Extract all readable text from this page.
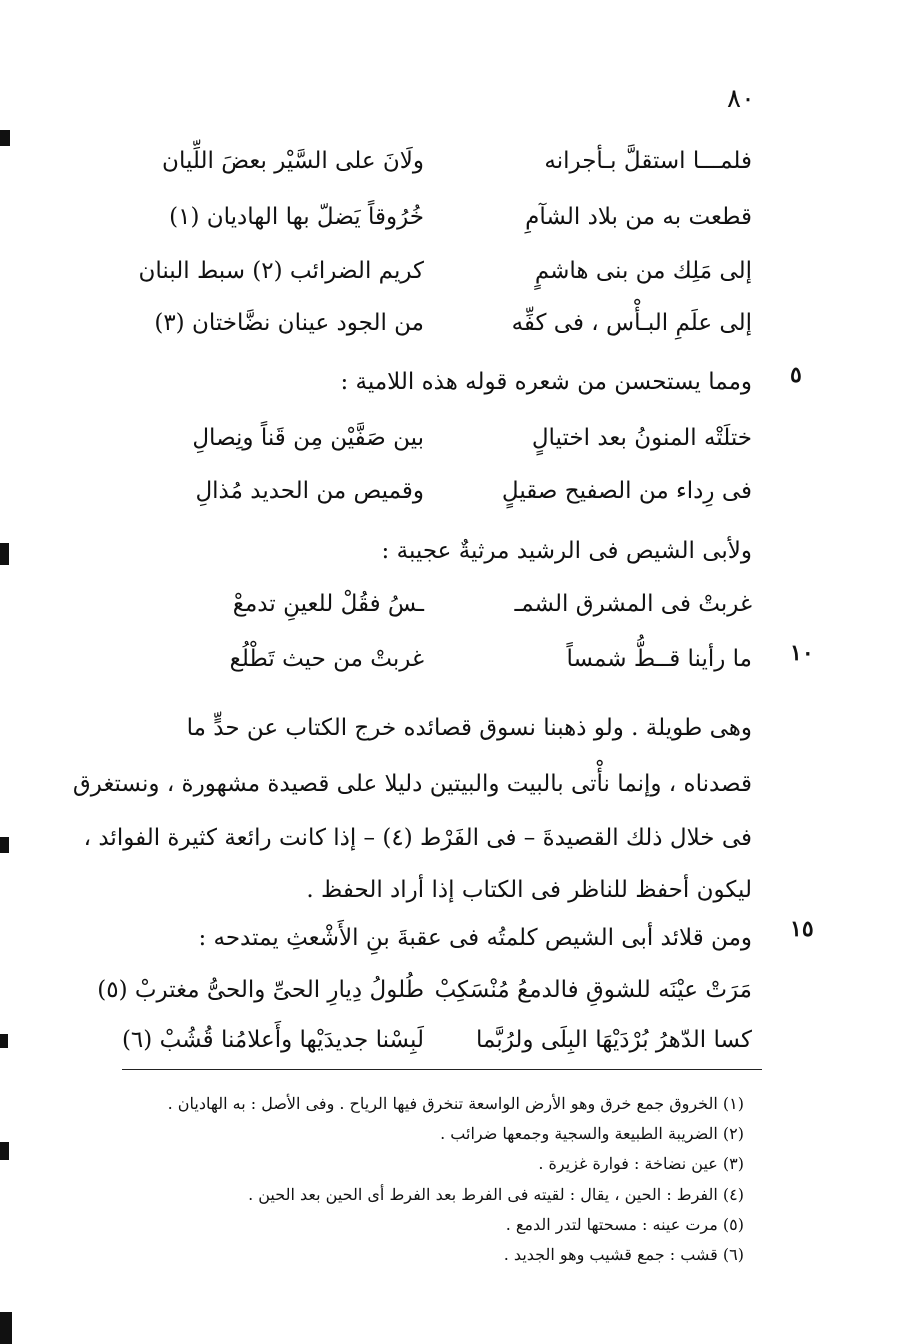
٨٠
فلمـــا استقلَّ بـأجرانه
ولَانَ على السَّيْر بعضَ اللِّيان
قطعت به من بلاد الشآمِ
خُرُوقاً يَضلّ بها الهاديان (١)
إلى مَلِك من بنى هاشمٍ
كريم الضرائب (٢) سبط البنان
إلى علَمِ البـأْس ، فى كفِّه
من الجود عينان نضَّاختان (٣)
٥
ومما يستحسن من شعره قوله هذه اللامية :
ختلَتْه المنونُ بعد اختيالٍ
بين صَفَّيْن مِن قَناً ونِصالِ
فى رِداء من الصفيح صقيلٍ
وقميص من الحديد مُذالِ
ولأبى الشيص فى الرشيد مرثيةٌ عجيبة :
غربتْ فى المشرق الشمـ
ـسُ فقُلْ للعينِ تدمعْ
١٠
ما رأينا قــطُّ شمساً
غربتْ من حيث تَطْلُع
وهى طويلة . ولو ذهبنا نسوق قصائده خرج الكتاب عن حدٍّ ما
قصدناه ، وإنما نأْتى بالبيت والبيتين دليلا على قصيدة مشهورة ، ونستغرق
فى خلال ذلك القصيدةَ – فى الفَرْط (٤) – إذا كانت رائعة كثيرة الفوائد ،
ليكون أحفظ للناظر فى الكتاب إذا أراد الحفظ .
١٥
ومن قلائد أبى الشيص كلمتُه فى عقبةَ بنِ الأَشْعثِ يمتدحه :
مَرَتْ عيْنَه للشوقِ فالدمعُ مُنْسَكِبْ
طُلولُ دِيارِ الحىِّ والحىُّ مغتربْ (٥)
كسا الدّهرُ بُرْدَيْهَا البِلَى ولرُبَّما
لَبِسْنا جديدَيْها وأَعلامُنا قُشُبْ (٦)
(١) الخروق جمع خرق وهو الأرض الواسعة تنخرق فيها الرياح . وفى الأصل : به الهاديان .
(٢) الضريبة الطبيعة والسجية وجمعها ضرائب .
(٣) عين نضاخة : فوارة غزيرة .
(٤) الفرط : الحين ، يقال : لقيته فى الفرط بعد الفرط أى الحين بعد الحين .
(٥) مرت عينه : مسحتها لتدر الدمع .
(٦) قشب : جمع قشيب وهو الجديد .
